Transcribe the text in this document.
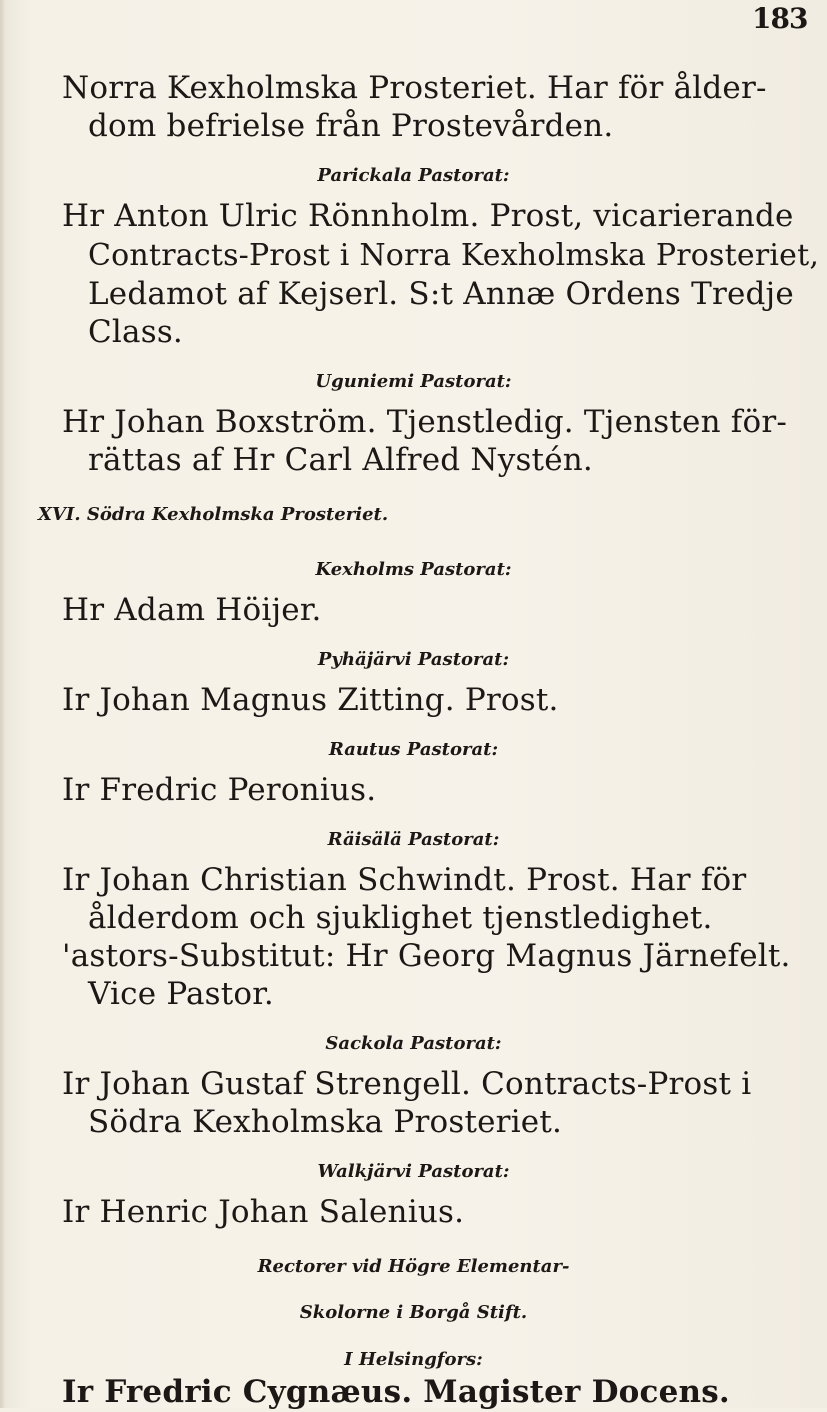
183
Norra Kexholmska Prosteriet. Har för ålder-
dom befrielse från Prostevården.
Parickala Pastorat:
Hr Anton Ulric Rönnholm. Prost, vicarierande
Contracts-Prost i Norra Kexholmska Prosteriet,
Ledamot af Kejserl. S:t Annæ Ordens Tredje
Class.
Uguniemi Pastorat:
Hr Johan Boxström. Tjenstledig. Tjensten för-
rättas af Hr Carl Alfred Nystén.
XVI. Södra Kexholmska Prosteriet.
Kexholms Pastorat:
Hr Adam Höijer.
Pyhäjärvi Pastorat:
Ir Johan Magnus Zitting. Prost.
Rautus Pastorat:
Ir Fredric Peronius.
Räisälä Pastorat:
Ir Johan Christian Schwindt. Prost. Har för
ålderdom och sjuklighet tjenstledighet.
'astors-Substitut: Hr Georg Magnus Järnefelt.
Vice Pastor.
Sackola Pastorat:
Ir Johan Gustaf Strengell. Contracts-Prost i
Södra Kexholmska Prosteriet.
Walkjärvi Pastorat:
Ir Henric Johan Salenius.
Rectorer vid Högre Elementar-
Skolorne i Borgå Stift.
I Helsingfors:
Ir Fredric Cygnæus. Magister Docens.
